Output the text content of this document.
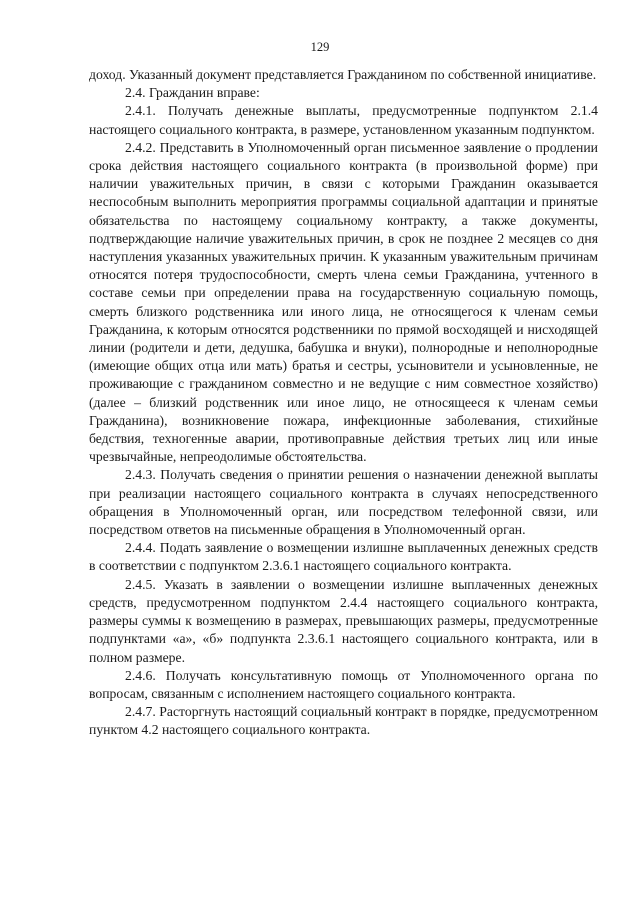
129

доход. Указанный документ представляется Гражданином по собственной инициативе.

2.4. Гражданин вправе:

2.4.1. Получать денежные выплаты, предусмотренные подпунктом 2.1.4 настоящего социального контракта, в размере, установленном указанным подпунктом.

2.4.2. Представить в Уполномоченный орган письменное заявление о продлении срока действия настоящего социального контракта (в произвольной форме) при наличии уважительных причин, в связи с которыми Гражданин оказывается неспособным выполнить мероприятия программы социальной адаптации и принятые обязательства по настоящему социальному контракту, а также документы, подтверждающие наличие уважительных причин, в срок не позднее 2 месяцев со дня наступления указанных уважительных причин. К указанным уважительным причинам относятся потеря трудоспособности, смерть члена семьи Гражданина, учтенного в составе семьи при определении права на государственную социальную помощь, смерть близкого родственника или иного лица, не относящегося к членам семьи Гражданина, к которым относятся родственники по прямой восходящей и нисходящей линии (родители и дети, дедушка, бабушка и внуки), полнородные и неполнородные (имеющие общих отца или мать) братья и сестры, усыновители и усыновленные, не проживающие с гражданином совместно и не ведущие с ним совместное хозяйство) (далее – близкий родственник или иное лицо, не относящееся к членам семьи Гражданина), возникновение пожара, инфекционные заболевания, стихийные бедствия, техногенные аварии, противоправные действия третьих лиц или иные чрезвычайные, непреодолимые обстоятельства.

2.4.3. Получать сведения о принятии решения о назначении денежной выплаты при реализации настоящего социального контракта в случаях непосредственного обращения в Уполномоченный орган, или посредством телефонной связи, или посредством ответов на письменные обращения в Уполномоченный орган.

2.4.4. Подать заявление о возмещении излишне выплаченных денежных средств в соответствии с подпунктом 2.3.6.1 настоящего социального контракта.

2.4.5. Указать в заявлении о возмещении излишне выплаченных денежных средств, предусмотренном подпунктом 2.4.4 настоящего социального контракта, размеры суммы к возмещению в размерах, превышающих размеры, предусмотренные подпунктами «а», «б» подпункта 2.3.6.1 настоящего социального контракта, или в полном размере.

2.4.6. Получать консультативную помощь от Уполномоченного органа по вопросам, связанным с исполнением настоящего социального контракта.

2.4.7. Расторгнуть настоящий социальный контракт в порядке, предусмотренном пунктом 4.2 настоящего социального контракта.
